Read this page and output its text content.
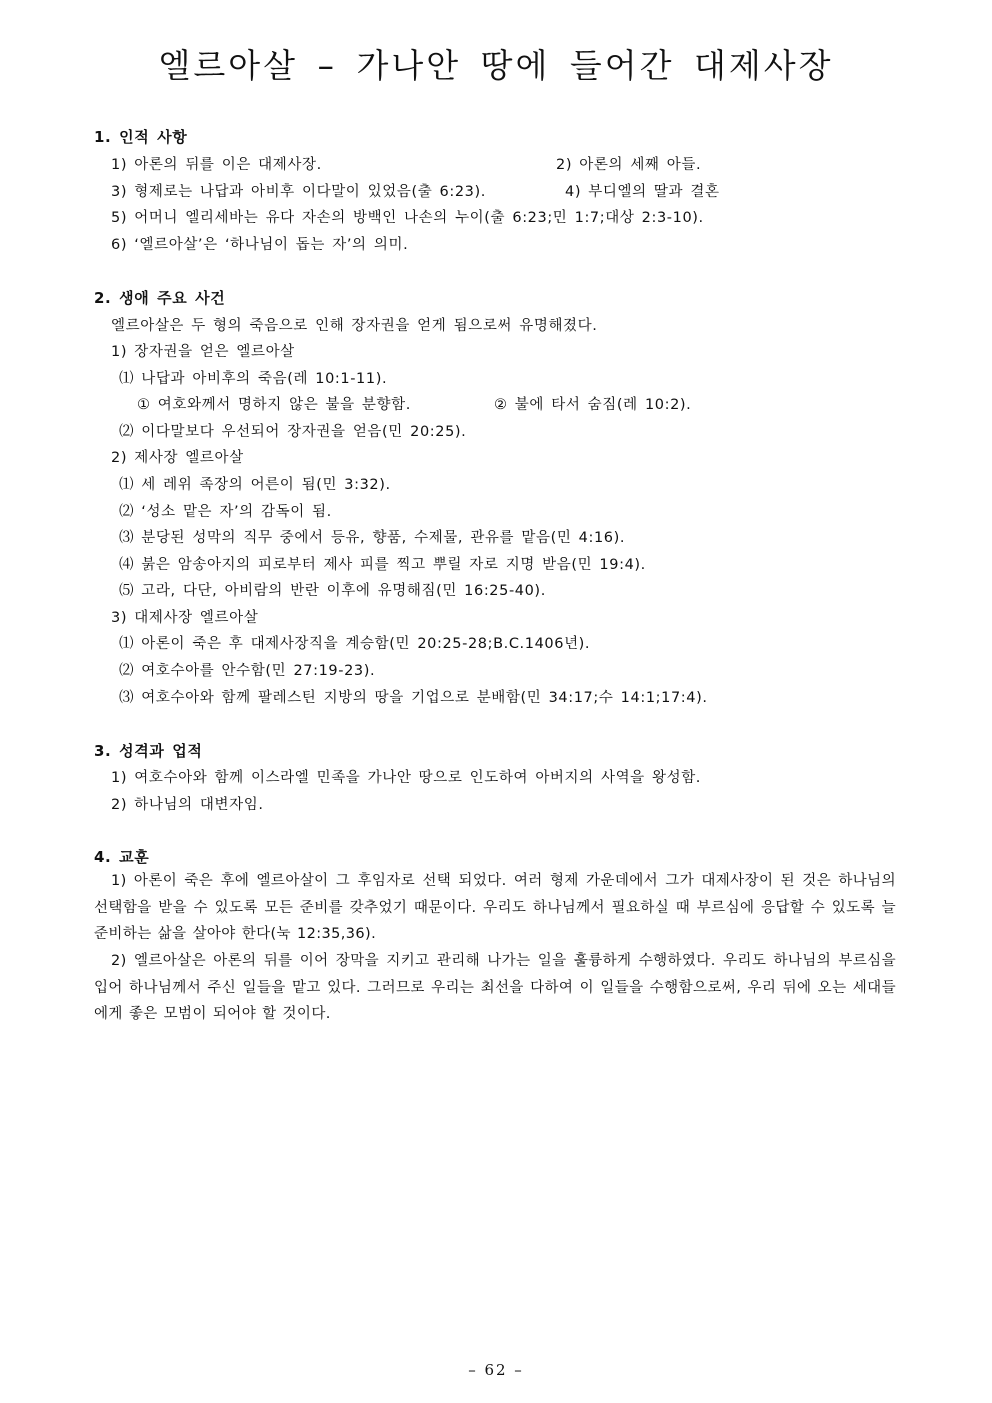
엘르아살 – 가나안 땅에 들어간 대제사장
1. 인적 사항
1) 아론의 뒤를 이은 대제사장.	2) 아론의 세째 아들.
3) 형제로는 나답과 아비후 이다말이 있었음(출 6:23).	4) 부디엘의 딸과 결혼
5) 어머니 엘리세바는 유다 자손의 방백인 나손의 누이(출 6:23;민 1:7;대상 2:3-10).
6) ‘엘르아살’은 ‘하나님이 돕는 자’의 의미.
2. 생애 주요 사건
엘르아살은 두 형의 죽음으로 인해 장자권을 얻게 됨으로써 유명해졌다.
1) 장자권을 얻은 엘르아살
⑴ 나답과 아비후의 죽음(레 10:1-11).
① 여호와께서 명하지 않은 불을 분향함.	② 불에 타서 숨짐(레 10:2).
⑵ 이다말보다 우선되어 장자권을 얻음(민 20:25).
2) 제사장 엘르아살
⑴ 세 레위 족장의 어른이 됨(민 3:32).
⑵ ‘성소 맡은 자’의 감독이 됨.
⑶ 분당된 성막의 직무 중에서 등유, 향품, 수제물, 관유를 맡음(민 4:16).
⑷ 붉은 암송아지의 피로부터 제사 피를 찍고 뿌릴 자로 지명 받음(민 19:4).
⑸ 고라, 다단, 아비람의 반란 이후에 유명해짐(민 16:25-40).
3) 대제사장 엘르아살
⑴ 아론이 죽은 후 대제사장직을 계승함(민 20:25-28;B.C.1406년).
⑵ 여호수아를 안수함(민 27:19-23).
⑶ 여호수아와 함께 팔레스틴 지방의 땅을 기업으로 분배함(민 34:17;수 14:1;17:4).
3. 성격과 업적
1) 여호수아와 함께 이스라엘 민족을 가나안 땅으로 인도하여 아버지의 사역을 왕성함.
2) 하나님의 대변자임.
4. 교훈

1) 아론이 죽은 후에 엘르아살이 그 후임자로 선택 되었다. 여러 형제 가운데에서 그가 대제사장이 된 것은 하나님의 선택함을 받을 수 있도록 모든 준비를 갖추었기 때문이다. 우리도 하나님께서 필요하실 때 부르심에 응답할 수 있도록 늘 준비하는 삶을 살아야 한다(눅 12:35,36).

2) 엘르아살은 아론의 뒤를 이어 장막을 지키고 관리해 나가는 일을 훌륭하게 수행하였다. 우리도 하나님의 부르심을 입어 하나님께서 주신 일들을 맡고 있다. 그러므로 우리는 최선을 다하여 이 일들을 수행함으로써, 우리 뒤에 오는 세대들에게 좋은 모범이 되어야 할 것이다.

– 62 –
